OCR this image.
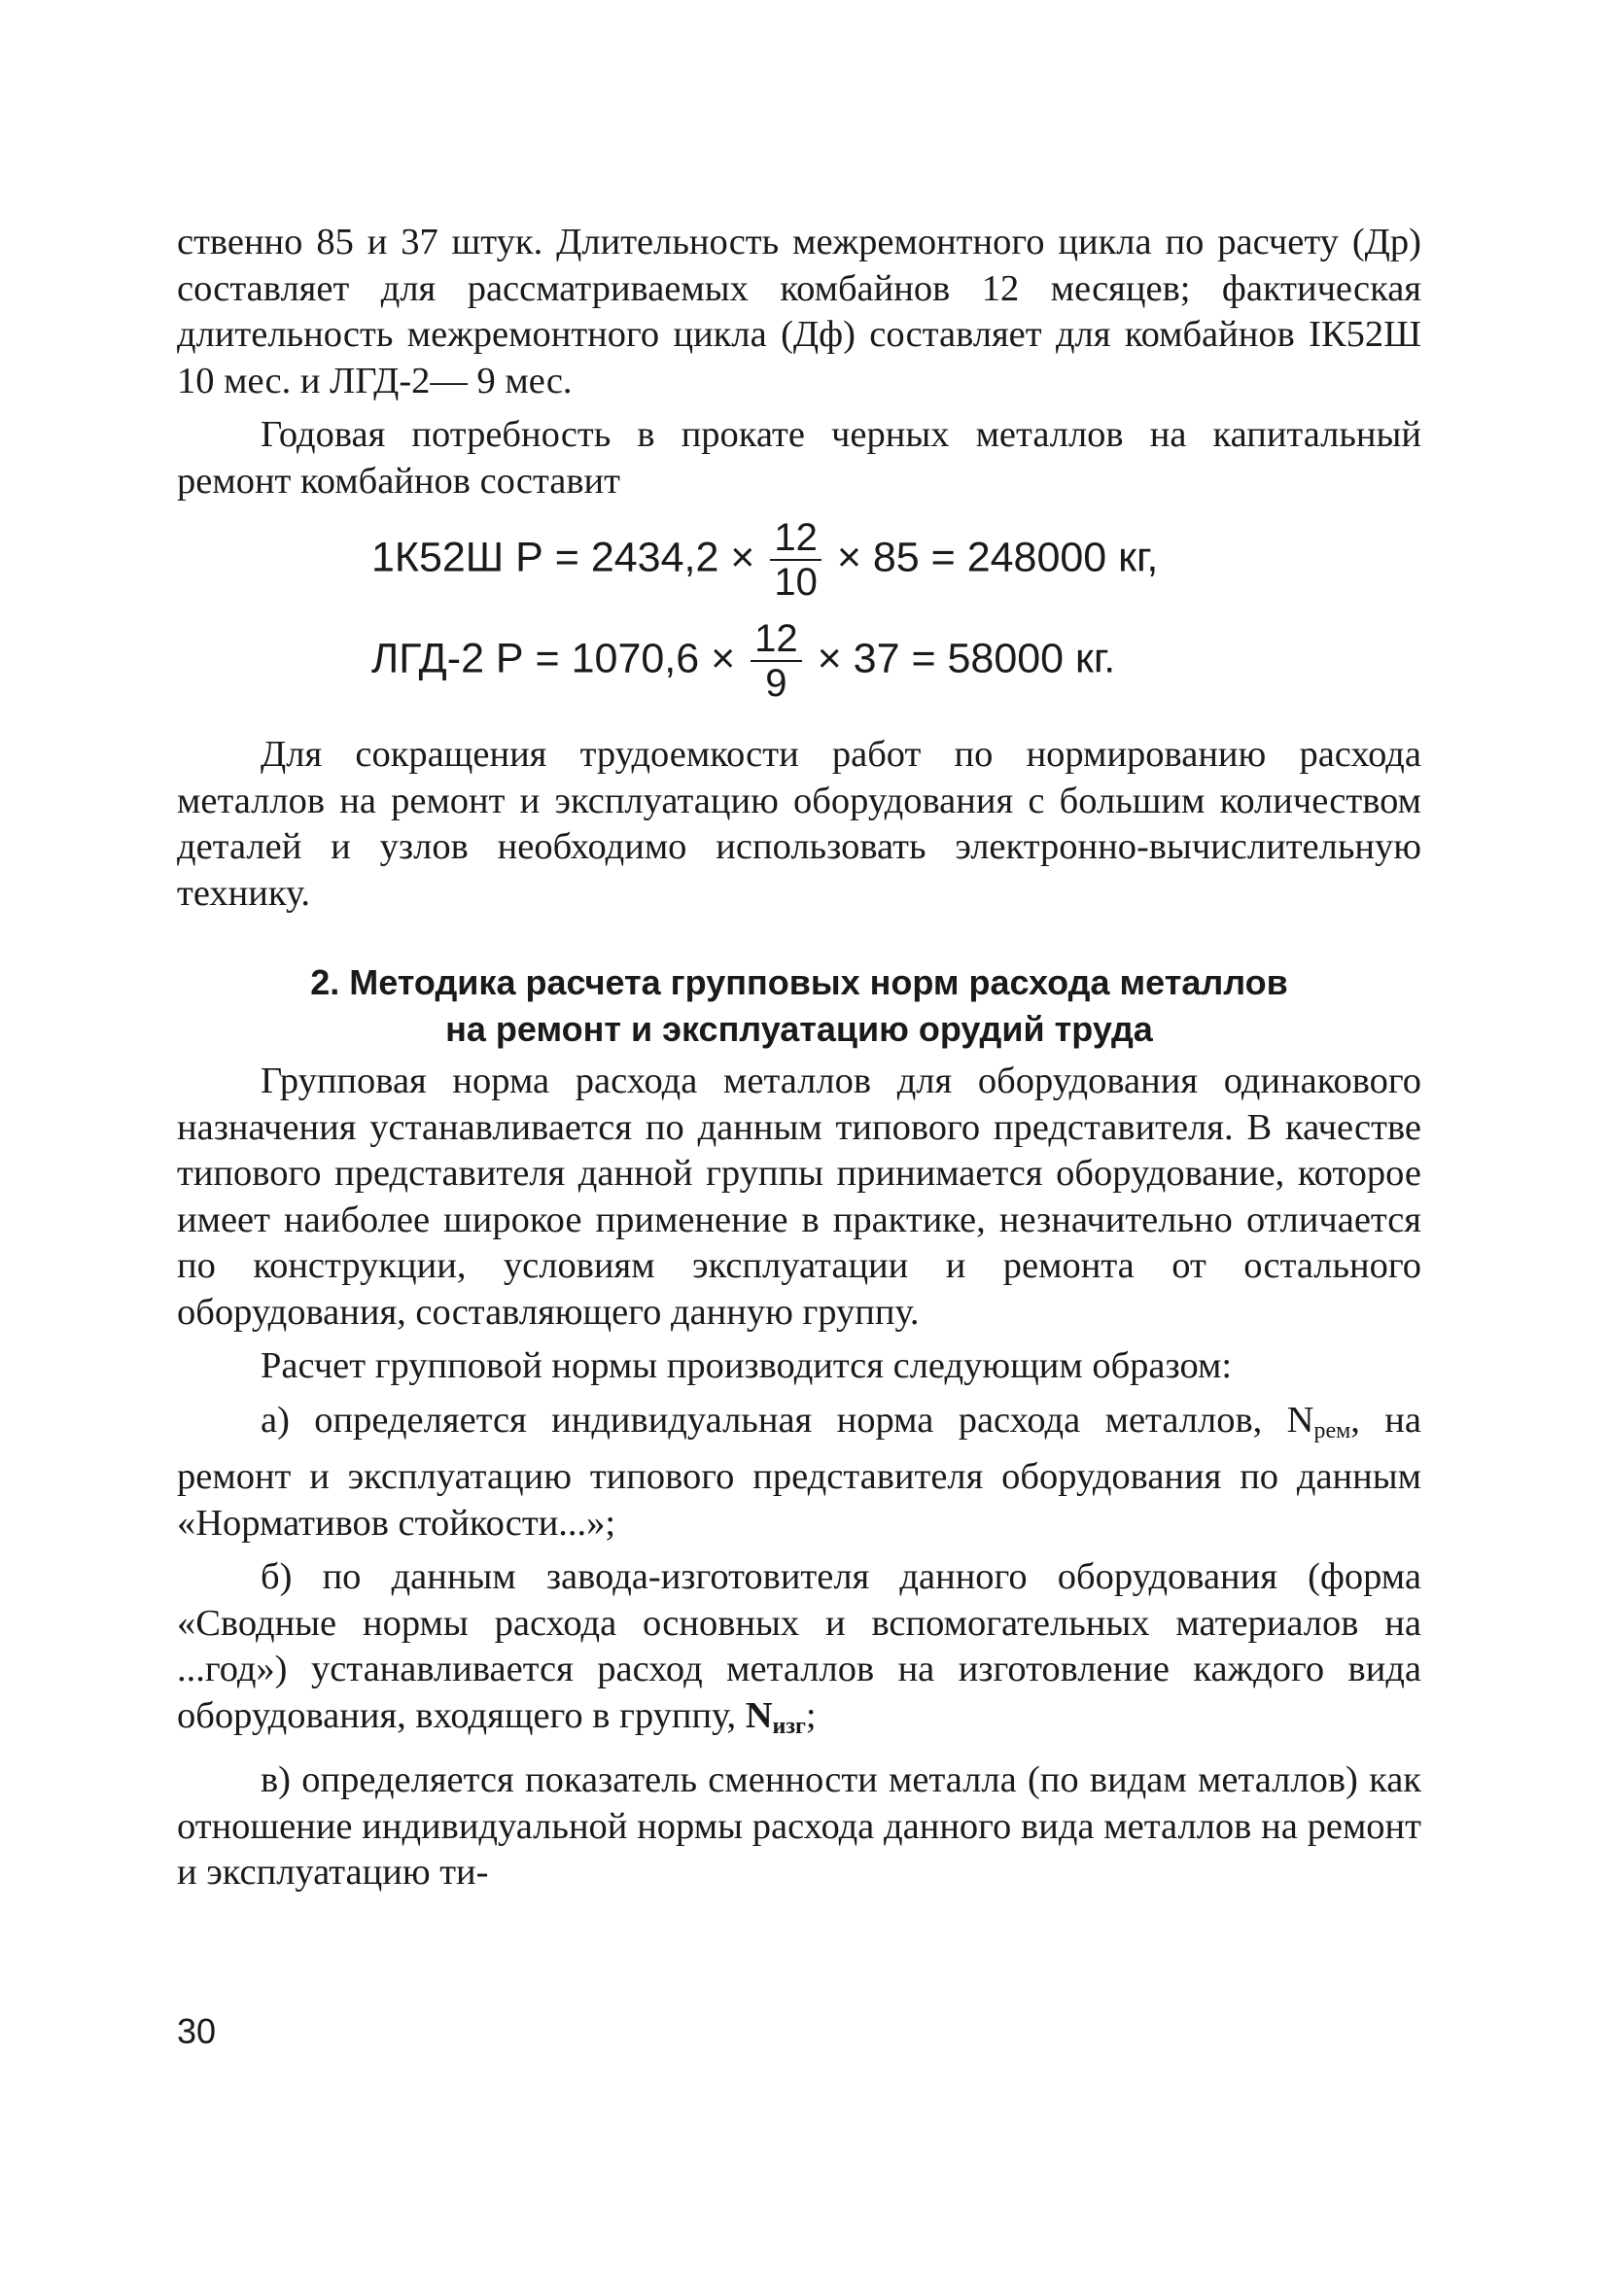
ственно 85 и 37 штук. Длительность межремонтного цикла по расчету (Др) составляет для рассматриваемых комбайнов 12 месяцев; фактическая длительность межремонтного цикла (Дф) составляет для комбайнов IК52Ш 10 мес. и ЛГД-2— 9 мес.

Годовая потребность в прокате черных металлов на капитальный ремонт комбайнов составит

1К52Ш $Р = 2434,2 \times \frac{12}{10} \times 85 = 248000$ кг,
ЛГД-2 $Р = 1070,6 \times \frac{12}{9} \times 37 = 58000$ кг.

Для сокращения трудоемкости работ по нормированию расхода металлов на ремонт и эксплуатацию оборудования с большим количеством деталей и узлов необходимо использовать электронно-вычислительную технику.

2. Методика расчета групповых норм расхода металлов

на ремонт и эксплуатацию орудий труда

Групповая норма расхода металлов для оборудования одинакового назначения устанавливается по данным типового представителя. В качестве типового представителя данной группы принимается оборудование, которое имеет наиболее широкое применение в практике, незначительно отличается по конструкции, условиям эксплуатации и ремонта от остального оборудования, составляющего данную группу.

Расчет групповой нормы производится следующим образом:

а) определяется индивидуальная норма расхода металлов, $N_{рем}$, на ремонт и эксплуатацию типового представителя оборудования по данным «Нормативов стойкости...»;

б) по данным завода-изготовителя данного оборудования (форма «Сводные нормы расхода основных и вспомогательных материалов на ...год») устанавливается расход металлов на изготовление каждого вида оборудования, входящего в группу, Nизг;

в) определяется показатель сменности металла (по видам металлов) как отношение индивидуальной нормы расхода данного вида металлов на ремонт и эксплуатацию ти-

30
